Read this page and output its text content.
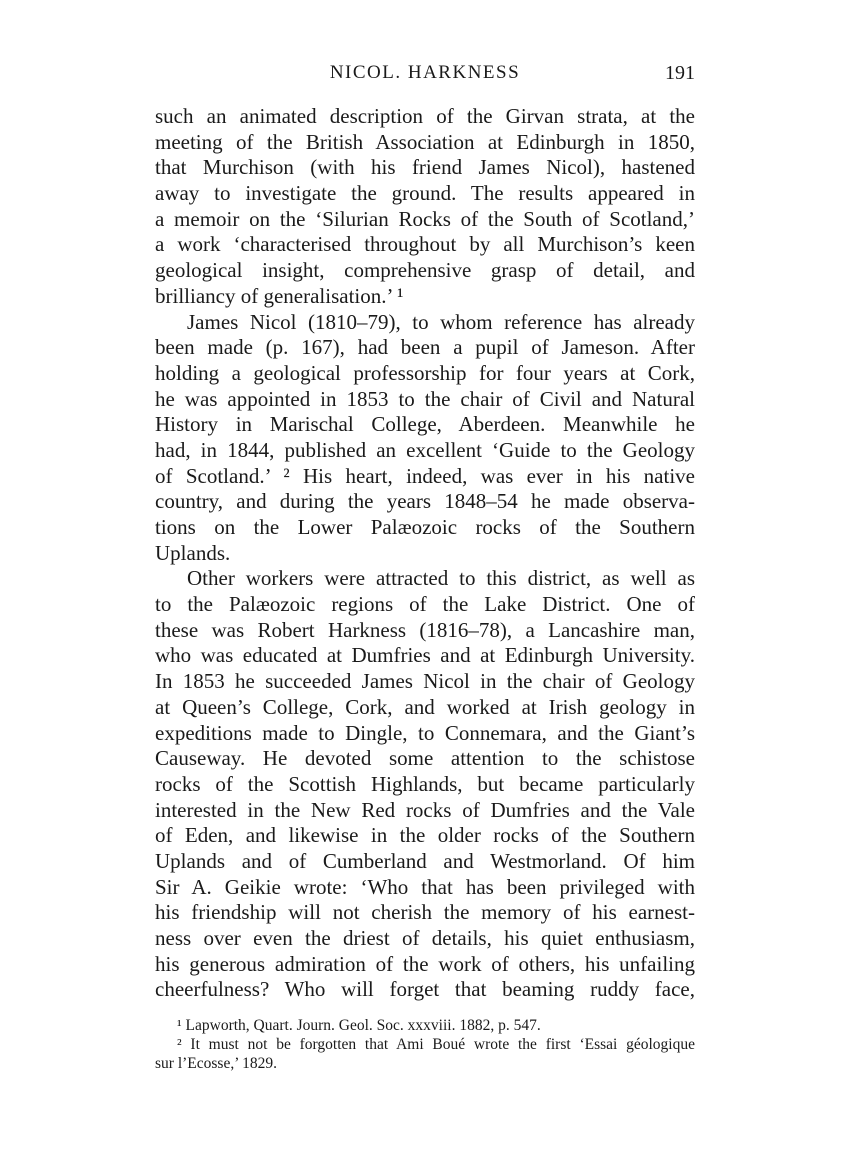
NICOL. HARKNESS	191
such an animated description of the Girvan strata, at the
meeting of the British Association at Edinburgh in 1850,
that Murchison (with his friend James Nicol), hastened
away to investigate the ground. The results appeared in
a memoir on the ‘Silurian Rocks of the South of Scotland,’
a work ‘characterised throughout by all Murchison’s keen
geological insight, comprehensive grasp of detail, and
brilliancy of generalisation.’ ¹
James Nicol (1810–79), to whom reference has already
been made (p. 167), had been a pupil of Jameson. After
holding a geological professorship for four years at Cork,
he was appointed in 1853 to the chair of Civil and Natural
History in Marischal College, Aberdeen. Meanwhile he
had, in 1844, published an excellent ‘Guide to the Geology
of Scotland.’ ² His heart, indeed, was ever in his native
country, and during the years 1848–54 he made observa-
tions on the Lower Palæozoic rocks of the Southern
Uplands.
Other workers were attracted to this district, as well as
to the Palæozoic regions of the Lake District. One of
these was Robert Harkness (1816–78), a Lancashire man,
who was educated at Dumfries and at Edinburgh University.
In 1853 he succeeded James Nicol in the chair of Geology
at Queen’s College, Cork, and worked at Irish geology in
expeditions made to Dingle, to Connemara, and the Giant’s
Causeway. He devoted some attention to the schistose
rocks of the Scottish Highlands, but became particularly
interested in the New Red rocks of Dumfries and the Vale
of Eden, and likewise in the older rocks of the Southern
Uplands and of Cumberland and Westmorland. Of him
Sir A. Geikie wrote: ‘Who that has been privileged with
his friendship will not cherish the memory of his earnest-
ness over even the driest of details, his quiet enthusiasm,
his generous admiration of the work of others, his unfailing
cheerfulness? Who will forget that beaming ruddy face,
¹ Lapworth, Quart. Journ. Geol. Soc. xxxviii. 1882, p. 547.
² It must not be forgotten that Ami Boué wrote the first ‘Essai géologique
sur l’Ecosse,’ 1829.
